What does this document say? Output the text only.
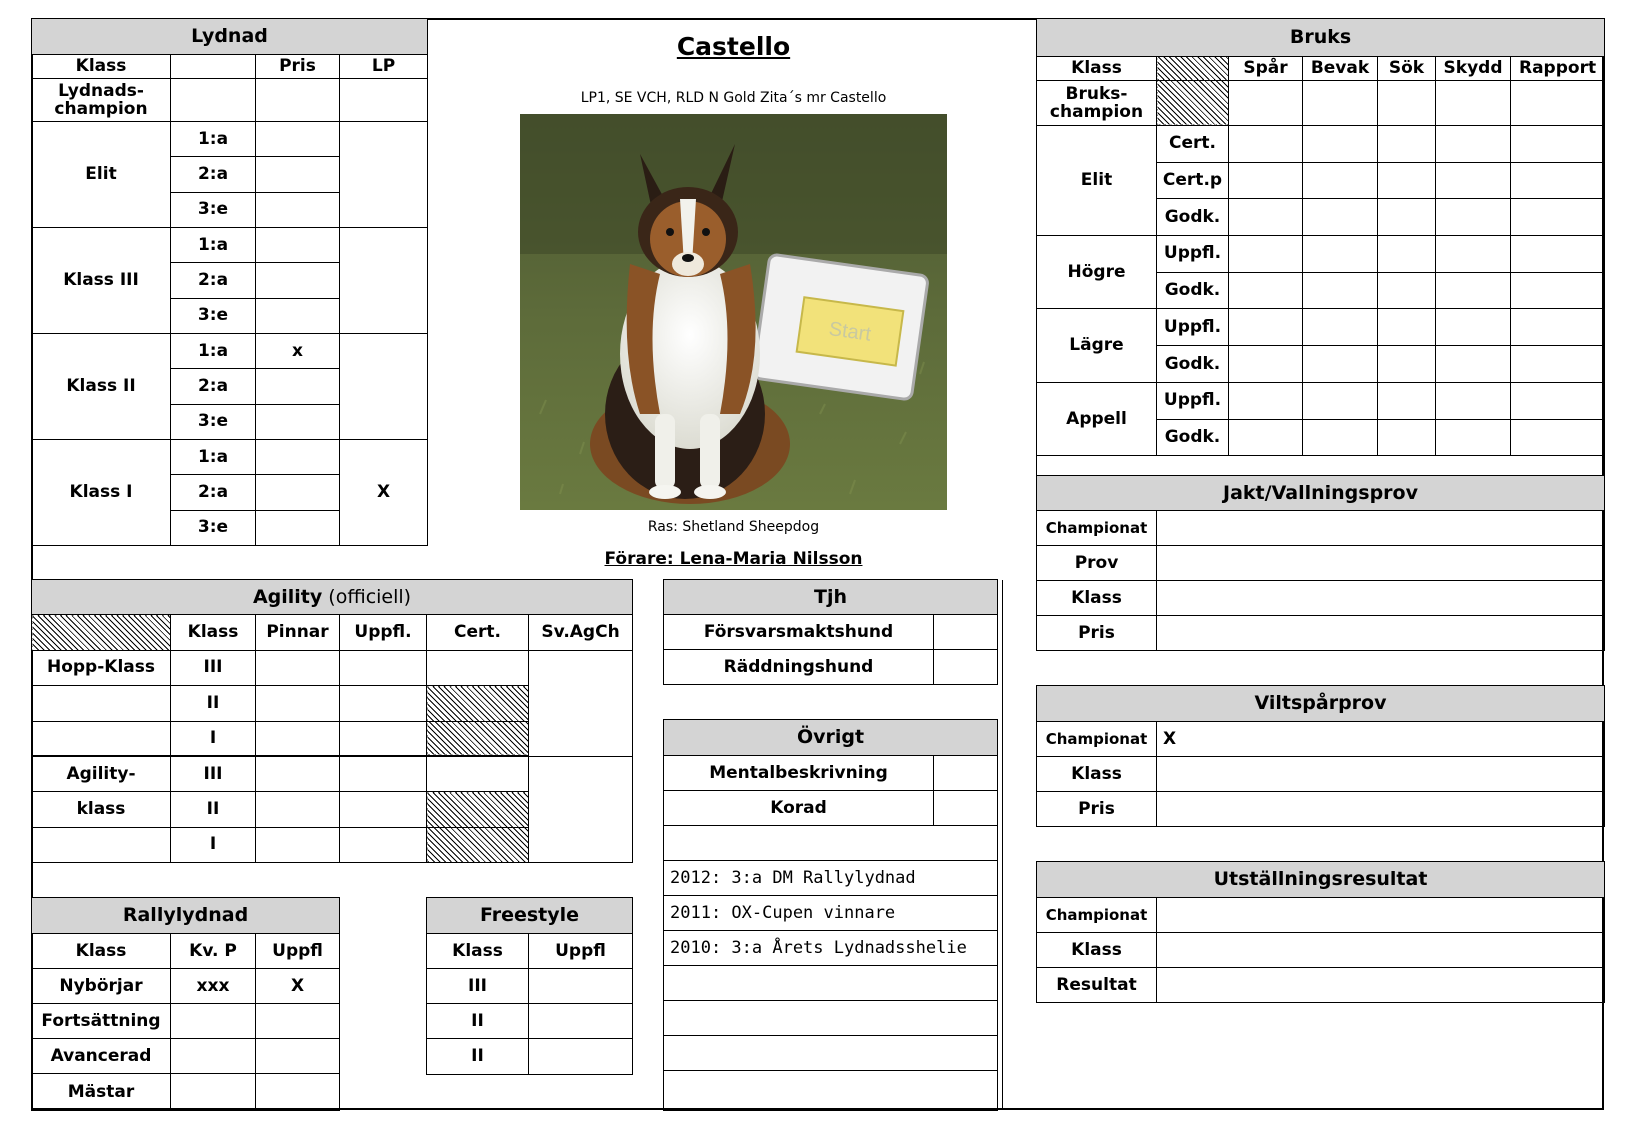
Lydnad			
Klass		Pris	LP
Lydnads-
champion			
Elit	1:a		
	2:a		
	3:e		
Klass III	1:a		
	2:a		
	3:e		
Klass II	1:a	x	
	2:a		
	3:e		
Klass I	1:a		X
	2:a		
	3:e		
Castello
LP1, SE VCH, RLD N Gold Zita´s mr Castello
Start
Ras: Shetland Sheepdog
Förare: Lena-Maria Nilsson
Bruks						
Klass		Spår	Bevak	Sök	Skydd	Rapport
Bruks-
champion						
Elit	Cert.					
	Cert.p					
	Godk.					
Högre	Uppfl.					
	Godk.					
Lägre	Uppfl.					
	Godk.					
Appell	Uppfl.					
	Godk.					

Jakt/Vallningsprov	
Championat	
Prov	
Klass	
Pris	
Viltspårprov	
Championat	X
Klass	
Pris	
Utställningsresultat	
Championat	
Klass	
Resultat	
Agility (officiell)					
	Klass	Pinnar	Uppfl.	Cert.	Sv.AgCh
Hopp-Klass	III				
	II				
	I				
Agility-	III				
klass	II				
	I				
Tjh	
Försvarsmaktshund	
Räddningshund	
Övrigt	
Mentalbeskrivning	
Korad	

2012: 3:a DM Rallylydnad	
2011: OX-Cupen vinnare	
2010: 3:a Årets Lydnadsshelie	

Rallylydnad		
Klass	Kv. P	Uppfl
Nybörjar	xxx	X
Fortsättning		
Avancerad		
Mästar		
Freestyle	
Klass	Uppfl
III	
II	
II	
